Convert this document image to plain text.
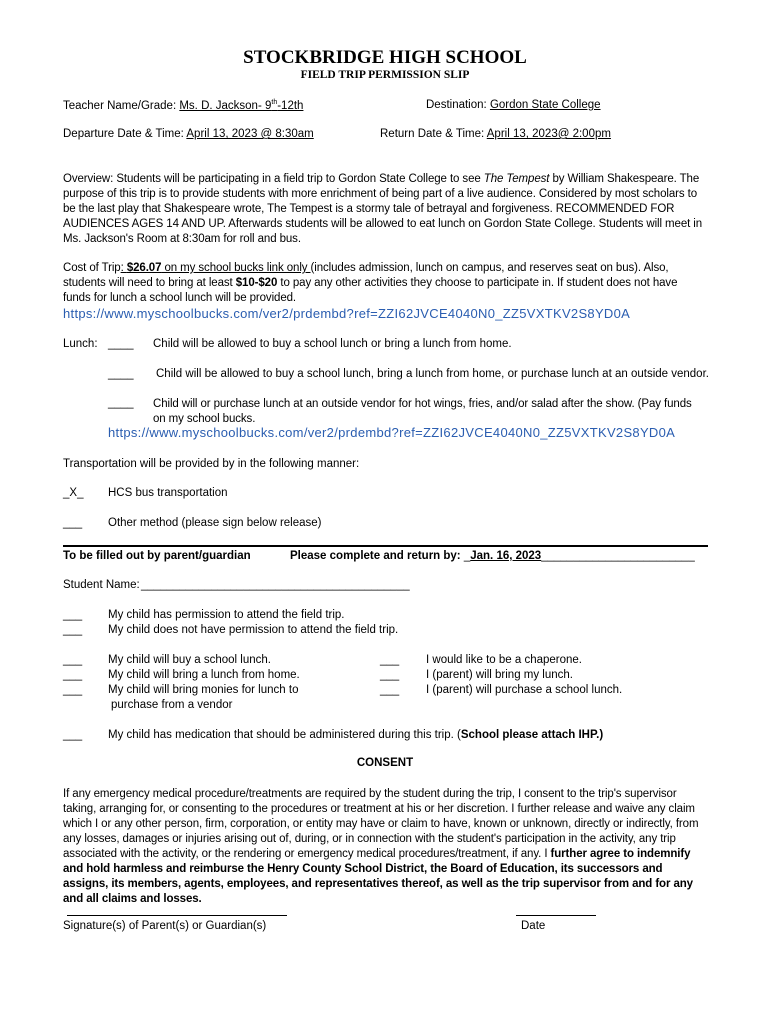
STOCKBRIDGE HIGH SCHOOL
FIELD TRIP PERMISSION SLIP
Teacher Name/Grade: Ms. D. Jackson- 9th-12th	Destination: Gordon State College
Departure Date & Time: April 13, 2023 @ 8:30am	Return Date & Time: April 13, 2023@ 2:00pm
Overview: Students will be participating in a field trip to Gordon State College to see The Tempest by William Shakespeare. The purpose of this trip is to provide students with more enrichment of being part of a live audience. Considered by most scholars to be the last play that Shakespeare wrote, The Tempest is a stormy tale of betrayal and forgiveness. RECOMMENDED FOR AUDIENCES AGES 14 AND UP. Afterwards students will be allowed to eat lunch on Gordon State College. Students will meet in Ms. Jackson's Room at 8:30am for roll and bus.
Cost of Trip: $26.07 on my school bucks link only (includes admission, lunch on campus, and reserves seat on bus). Also, students will need to bring at least $10-$20 to pay any other activities they choose to participate in. If student does not have funds for lunch a school lunch will be provided.
https://www.myschoolbucks.com/ver2/prdembd?ref=ZZI62JVCE4040N0_ZZ5VXTKV2S8YD0A
Lunch: ____ Child will be allowed to buy a school lunch or bring a lunch from home.
____ Child will be allowed to buy a school lunch, bring a lunch from home, or purchase lunch at an outside vendor.
____ Child will or purchase lunch at an outside vendor for hot wings, fries, and/or salad after the show. (Pay funds on my school bucks.
https://www.myschoolbucks.com/ver2/prdembd?ref=ZZI62JVCE4040N0_ZZ5VXTKV2S8YD0A
Transportation will be provided by in the following manner:
_X_ HCS bus transportation
___ Other method (please sign below release)
To be filled out by parent/guardian	Please complete and return by: _Jan. 16, 2023________________________
Student Name: __________________________________________
___ My child has permission to attend the field trip.
___ My child does not have permission to attend the field trip.
___ My child will buy a school lunch.
___ My child will bring a lunch from home.
___ My child will bring monies for lunch to
purchase from a vendor
___ I would like to be a chaperone.
___ I (parent) will bring my lunch.
___ I (parent) will purchase a school lunch.
___ My child has medication that should be administered during this trip. (School please attach IHP.)
CONSENT
If any emergency medical procedure/treatments are required by the student during the trip, I consent to the trip's supervisor taking, arranging for, or consenting to the procedures or treatment at his or her discretion. I further release and waive any claim which I or any other person, firm, corporation, or entity may have or claim to have, known or unknown, directly or indirectly, from any losses, damages or injuries arising out of, during, or in connection with the student's participation in the activity, any trip associated with the activity, or the rendering or emergency medical procedures/treatment, if any. I further agree to indemnify and hold harmless and reimburse the Henry County School District, the Board of Education, its successors and assigns, its members, agents, employees, and representatives thereof, as well as the trip supervisor from and for any and all claims and losses.
Signature(s) of Parent(s) or Guardian(s)	Date
